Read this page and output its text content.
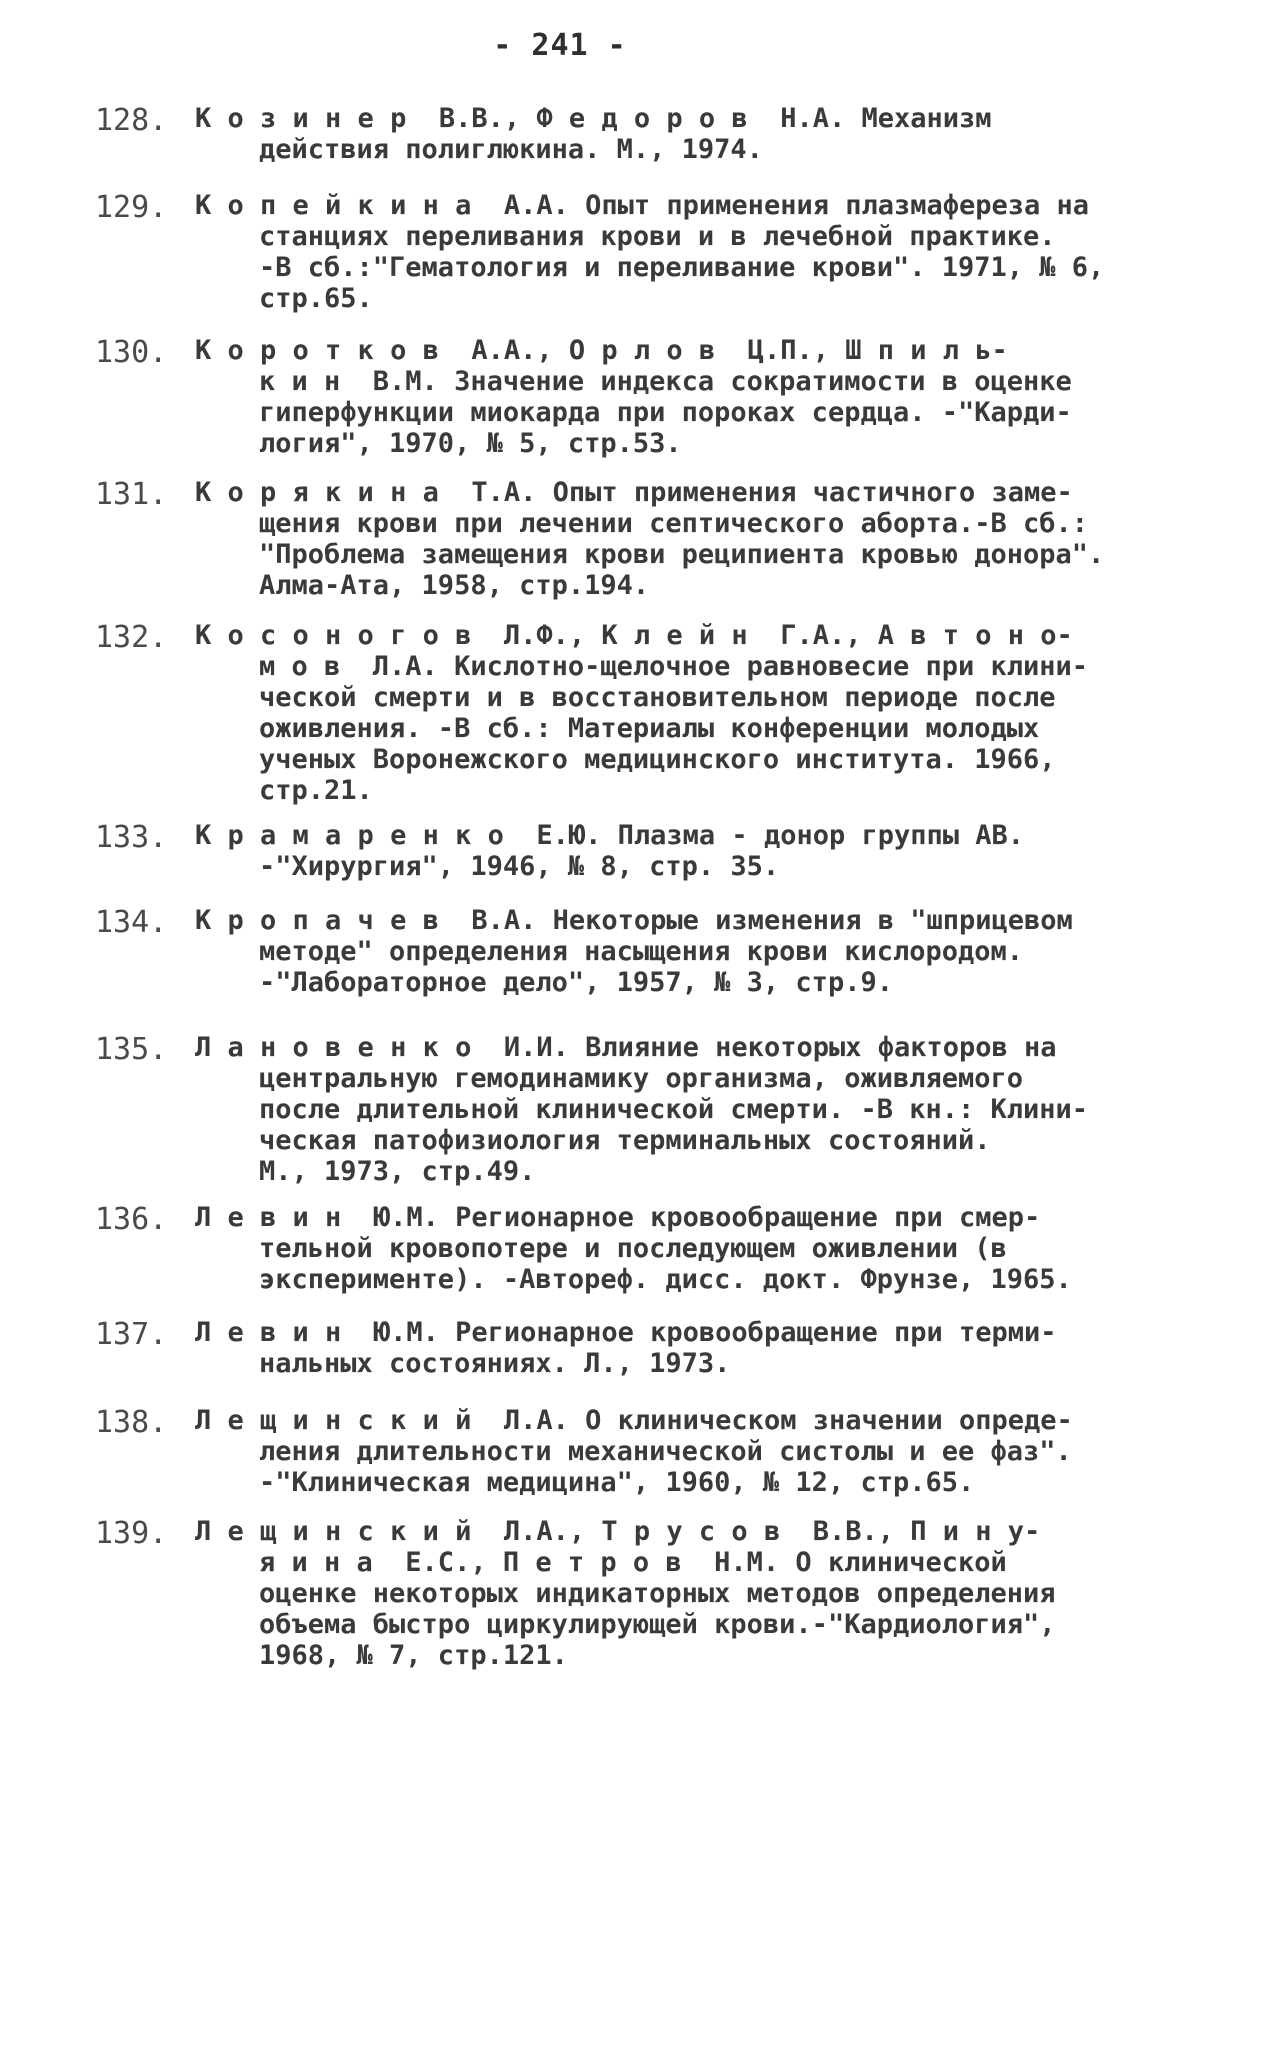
- 241 -
128. К о з и н е р  В.В., Ф е д о р о в  Н.А. Механизм
действия полиглюкина. М., 1974.
129. К о п е й к и н а  А.А. Опыт применения плазмафереза на
станциях переливания крови и в лечебной практике.
-В сб.:"Гематология и переливание крови". 1971, № 6,
стр.65.
130. К о р о т к о в  А.А., О р л о в  Ц.П., Ш п и л ь-
к и н  В.М. Значение индекса сократимости в оценке
гиперфункции миокарда при пороках сердца. -"Карди-
логия", 1970, № 5, стр.53.
131. К о р я к и н а  Т.А. Опыт применения частичного заме-
щения крови при лечении септического аборта.-В сб.:
"Проблема замещения крови реципиента кровью донора".
Алма-Ата, 1958, стр.194.
132. К о с о н о г о в  Л.Ф., К л е й н  Г.А., А в т о н о-
м о в  Л.А. Кислотно-щелочное равновесие при клини-
ческой смерти и в восстановительном периоде после
оживления. -В сб.: Материалы конференции молодых
ученых Воронежского медицинского института. 1966,
стр.21.
133. К р а м а р е н к о  Е.Ю. Плазма - донор группы АВ.
-"Хирургия", 1946, № 8, стр. 35.
134. К р о п а ч е в  В.А. Некоторые изменения в "шприцевом
методе" определения насыщения крови кислородом.
-"Лабораторное дело", 1957, № 3, стр.9.
135. Л а н о в е н к о  И.И. Влияние некоторых факторов на
центральную гемодинамику организма, оживляемого
после длительной клинической смерти. -В кн.: Клини-
ческая патофизиология терминальных состояний.
М., 1973, стр.49.
136. Л е в и н  Ю.М. Регионарное кровообращение при смер-
тельной кровопотере и последующем оживлении (в
эксперименте). -Автореф. дисс. докт. Фрунзе, 1965.
137. Л е в и н  Ю.М. Регионарное кровообращение при терми-
нальных состояниях. Л., 1973.
138. Л е щ и н с к и й  Л.А. О клиническом значении опреде-
ления длительности механической систолы и ее фаз".
-"Клиническая медицина", 1960, № 12, стр.65.
139. Л е щ и н с к и й  Л.А., Т р у с о в  В.В., П и н у-
я и н а  Е.С., П е т р о в  Н.М. О клинической
оценке некоторых индикаторных методов определения
объема быстро циркулирующей крови.-"Кардиология",
1968, № 7, стр.121.
